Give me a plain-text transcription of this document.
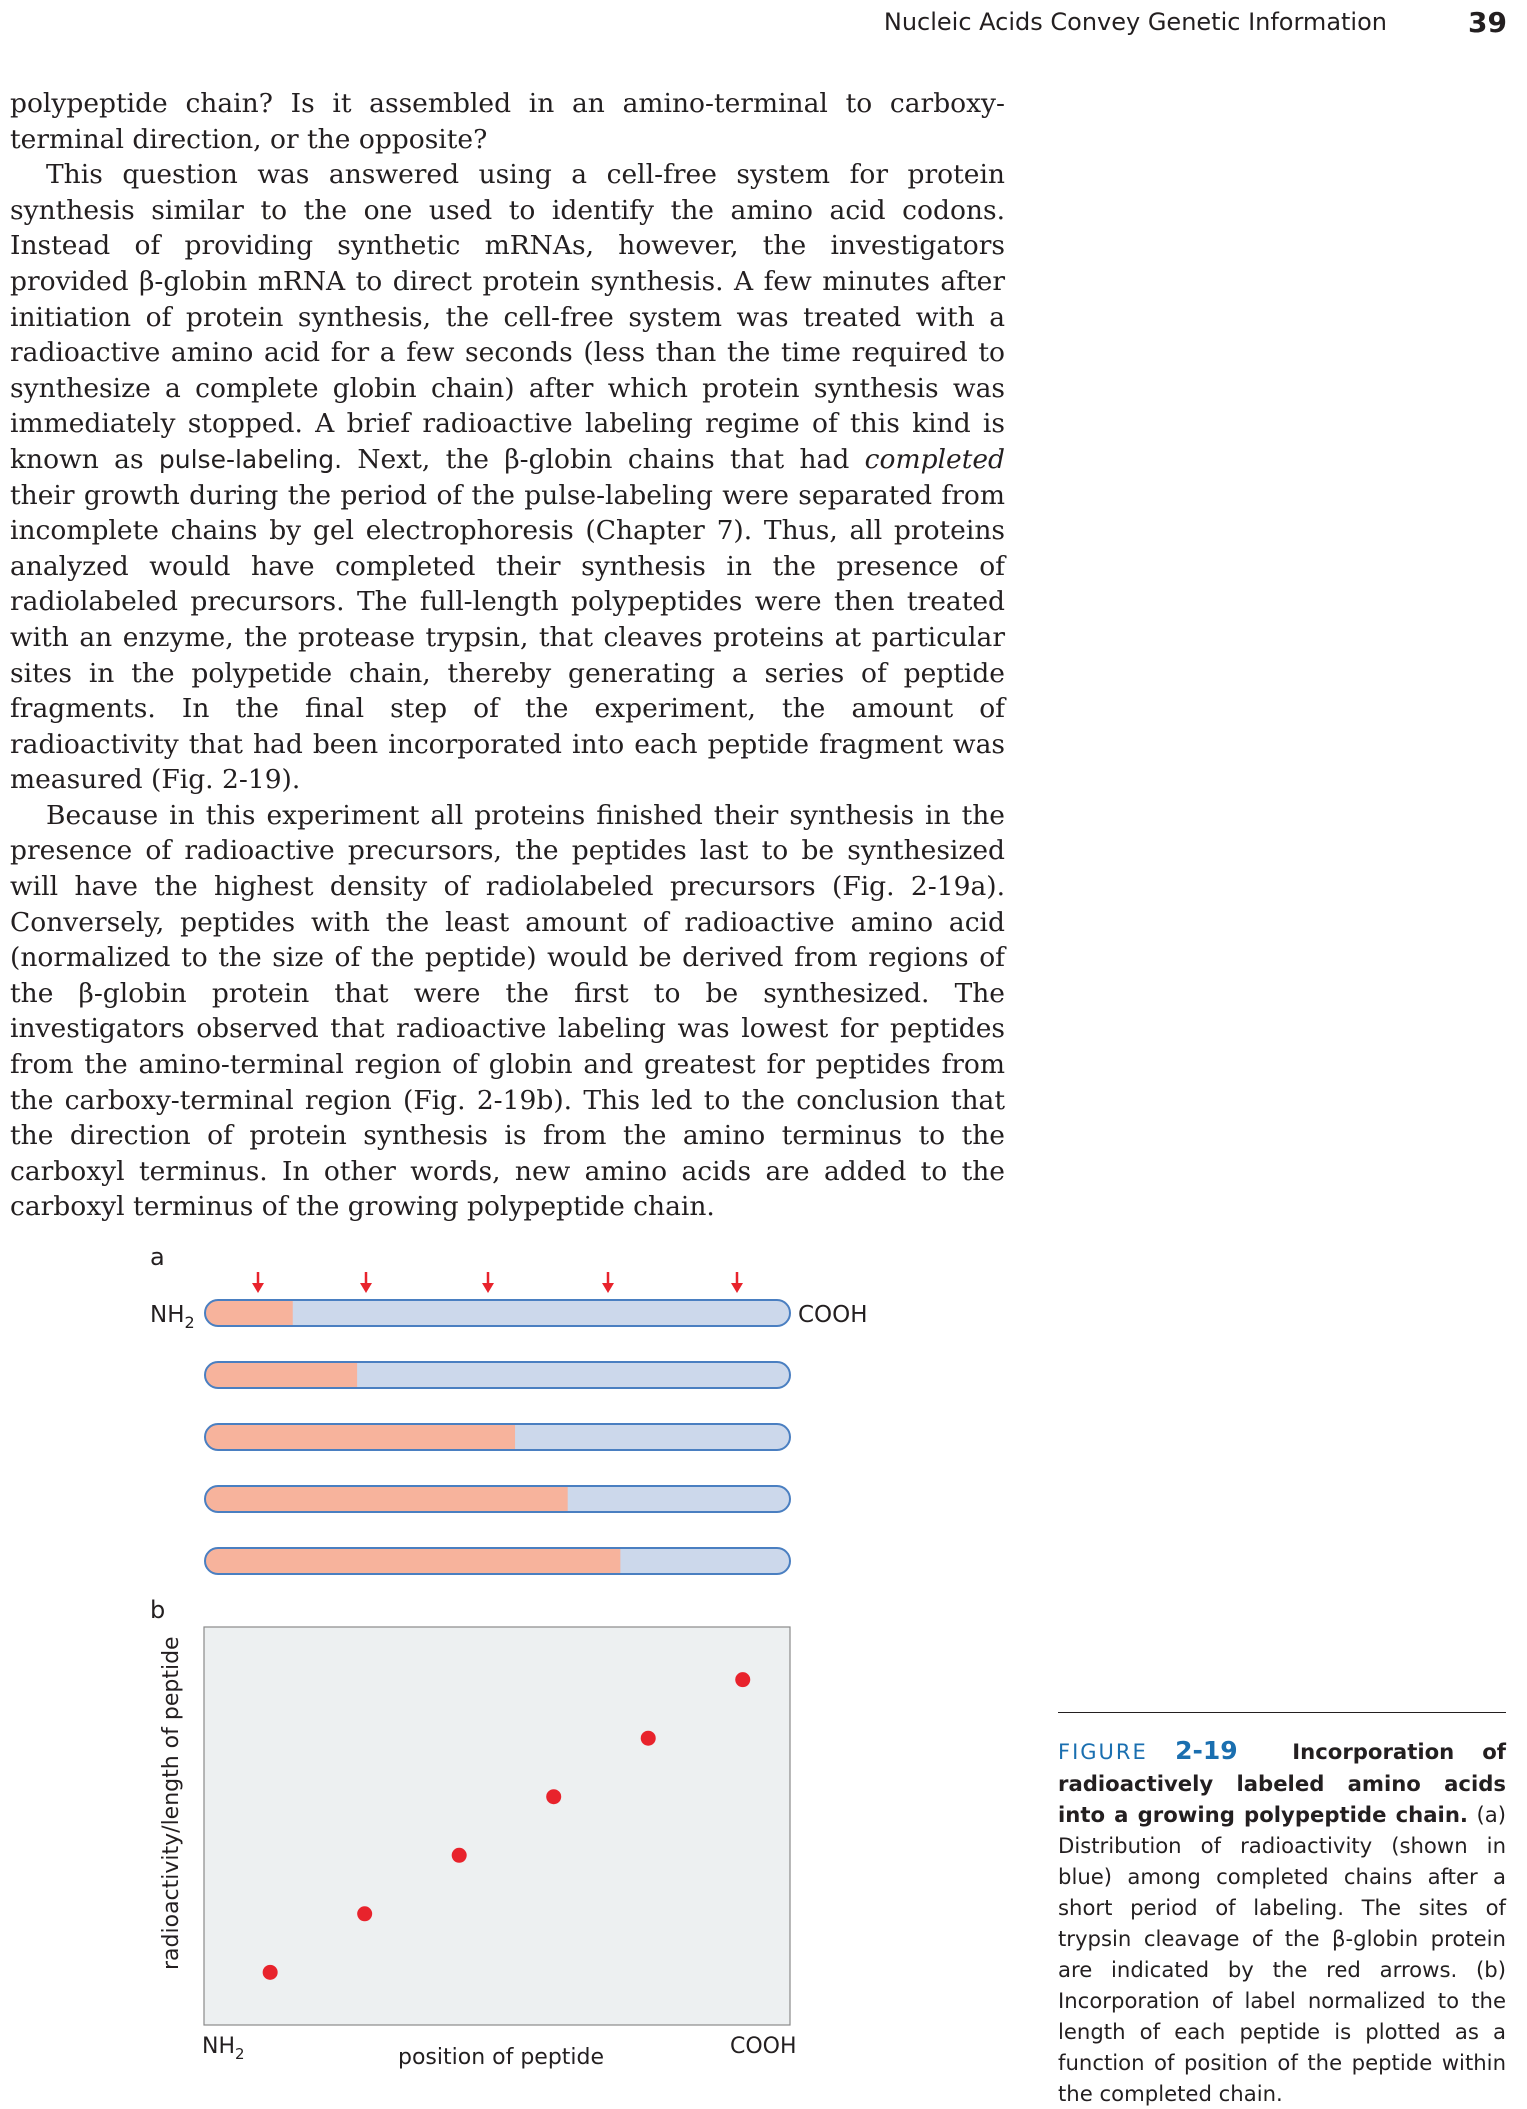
Nucleic Acids Convey Genetic Information	39

polypeptide chain? Is it assembled in an amino-terminal to carboxy-terminal direction, or the opposite?

This question was answered using a cell-free system for protein synthesis similar to the one used to identify the amino acid codons. Instead of providing synthetic mRNAs, however, the investigators provided β-globin mRNA to direct protein synthesis. A few minutes after initiation of protein synthesis, the cell-free system was treated with a radioactive amino acid for a few seconds (less than the time required to synthesize a complete globin chain) after which protein synthesis was immediately stopped. A brief radioactive labeling regime of this kind is known as pulse-labeling. Next, the β-globin chains that had completed their growth during the period of the pulse-labeling were separated from incomplete chains by gel electrophoresis (Chapter 7). Thus, all proteins analyzed would have completed their synthesis in the presence of radiolabeled precursors. The full-length polypeptides were then treated with an enzyme, the protease trypsin, that cleaves proteins at particular sites in the polypetide chain, thereby generating a series of peptide fragments. In the final step of the experiment, the amount of radioactivity that had been incorporated into each peptide fragment was measured (Fig. 2-19).

Because in this experiment all proteins finished their synthesis in the presence of radioactive precursors, the peptides last to be synthesized will have the highest density of radiolabeled precursors (Fig. 2-19a). Conversely, peptides with the least amount of radioactive amino acid (normalized to the size of the peptide) would be derived from regions of the β-globin protein that were the first to be synthesized. The investigators observed that radioactive labeling was lowest for peptides from the amino-terminal region of globin and greatest for peptides from the carboxy-terminal region (Fig. 2-19b). This led to the conclusion that the direction of protein synthesis is from the amino terminus to the carboxyl terminus. In other words, new amino acids are added to the carboxyl terminus of the growing polypeptide chain.

a
$NH_2$	COOH
b
radioactivity/length of peptide
$NH_2$	COOH
position of peptide
FIGURE 2-19	Incorporation of radioactively labeled amino acids into a growing polypeptide chain. (a) Distribution of radioactivity (shown in blue) among completed chains after a short period of labeling. The sites of trypsin cleavage of the β-globin protein are indicated by the red arrows. (b) Incorporation of label normalized to the length of each peptide is plotted as a function of position of the peptide within the completed chain.
